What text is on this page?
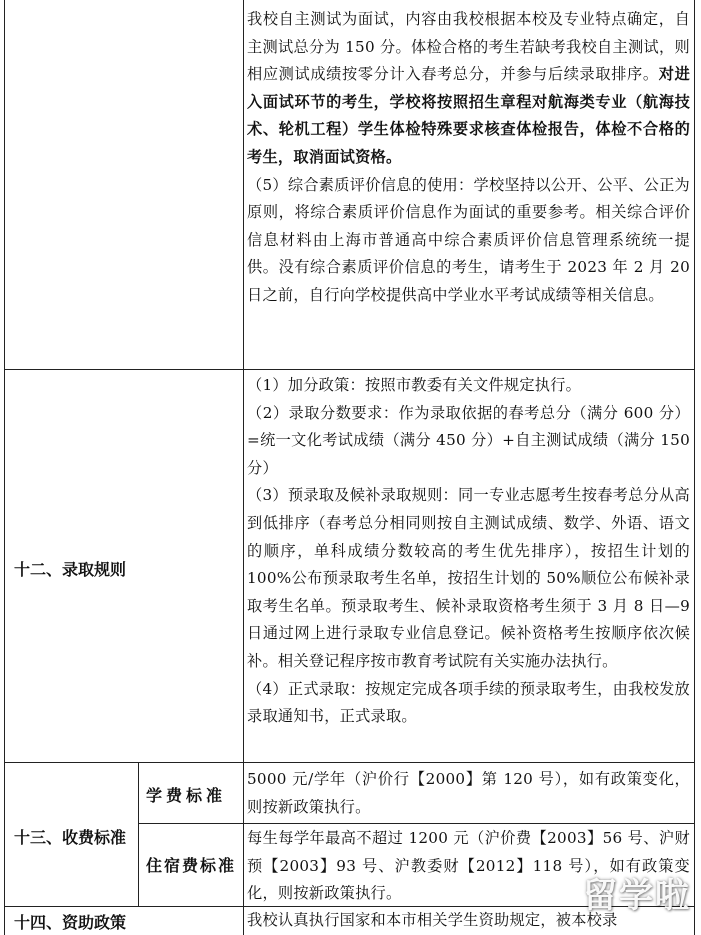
我校自主测试为面试，内容由我校根据本校及专业特点确定，自主测试总分为 150 分。体检合格的考生若缺考我校自主测试，则相应测试成绩按零分计入春考总分，并参与后续录取排序。对进入面试环节的考生，学校将按照招生章程对航海类专业（航海技术、轮机工程）学生体检特殊要求核查体检报告，体检不合格的考生，取消面试资格。
（5）综合素质评价信息的使用：学校坚持以公开、公平、公正为原则，将综合素质评价信息作为面试的重要参考。相关综合评价信息材料由上海市普通高中综合素质评价信息管理系统统一提供。没有综合素质评价信息的考生，请考生于 2023 年 2 月 20 日之前，自行向学校提供高中学业水平考试成绩等相关信息。
十二、录取规则
（1）加分政策：按照市教委有关文件规定执行。
（2）录取分数要求：作为录取依据的春考总分（满分 600 分）=统一文化考试成绩（满分 450 分）+自主测试成绩（满分 150 分）
（3）预录取及候补录取规则：同一专业志愿考生按春考总分从高到低排序（春考总分相同则按自主测试成绩、数学、外语、语文的顺序，单科成绩分数较高的考生优先排序），按招生计划的 100%公布预录取考生名单，按招生计划的 50%顺位公布候补录取考生名单。预录取考生、候补录取资格考生须于 3 月 8 日—9 日通过网上进行录取专业信息登记。候补资格考生按顺序依次候补。相关登记程序按市教育考试院有关实施办法执行。
（4）正式录取：按规定完成各项手续的预录取考生，由我校发放录取通知书，正式录取。
十三、收费标准
学费标准
5000 元/学年（沪价行【2000】第 120 号），如有政策变化，则按新政策执行。
住宿费标准
每生每学年最高不超过 1200 元（沪价费【2003】56 号、沪财预【2003】93 号、沪教委财【2012】118 号），如有政策变化，则按新政策执行。
十四、资助政策	我校认真执行国家和本市相关学生资助规定，被本校录
留学啦
